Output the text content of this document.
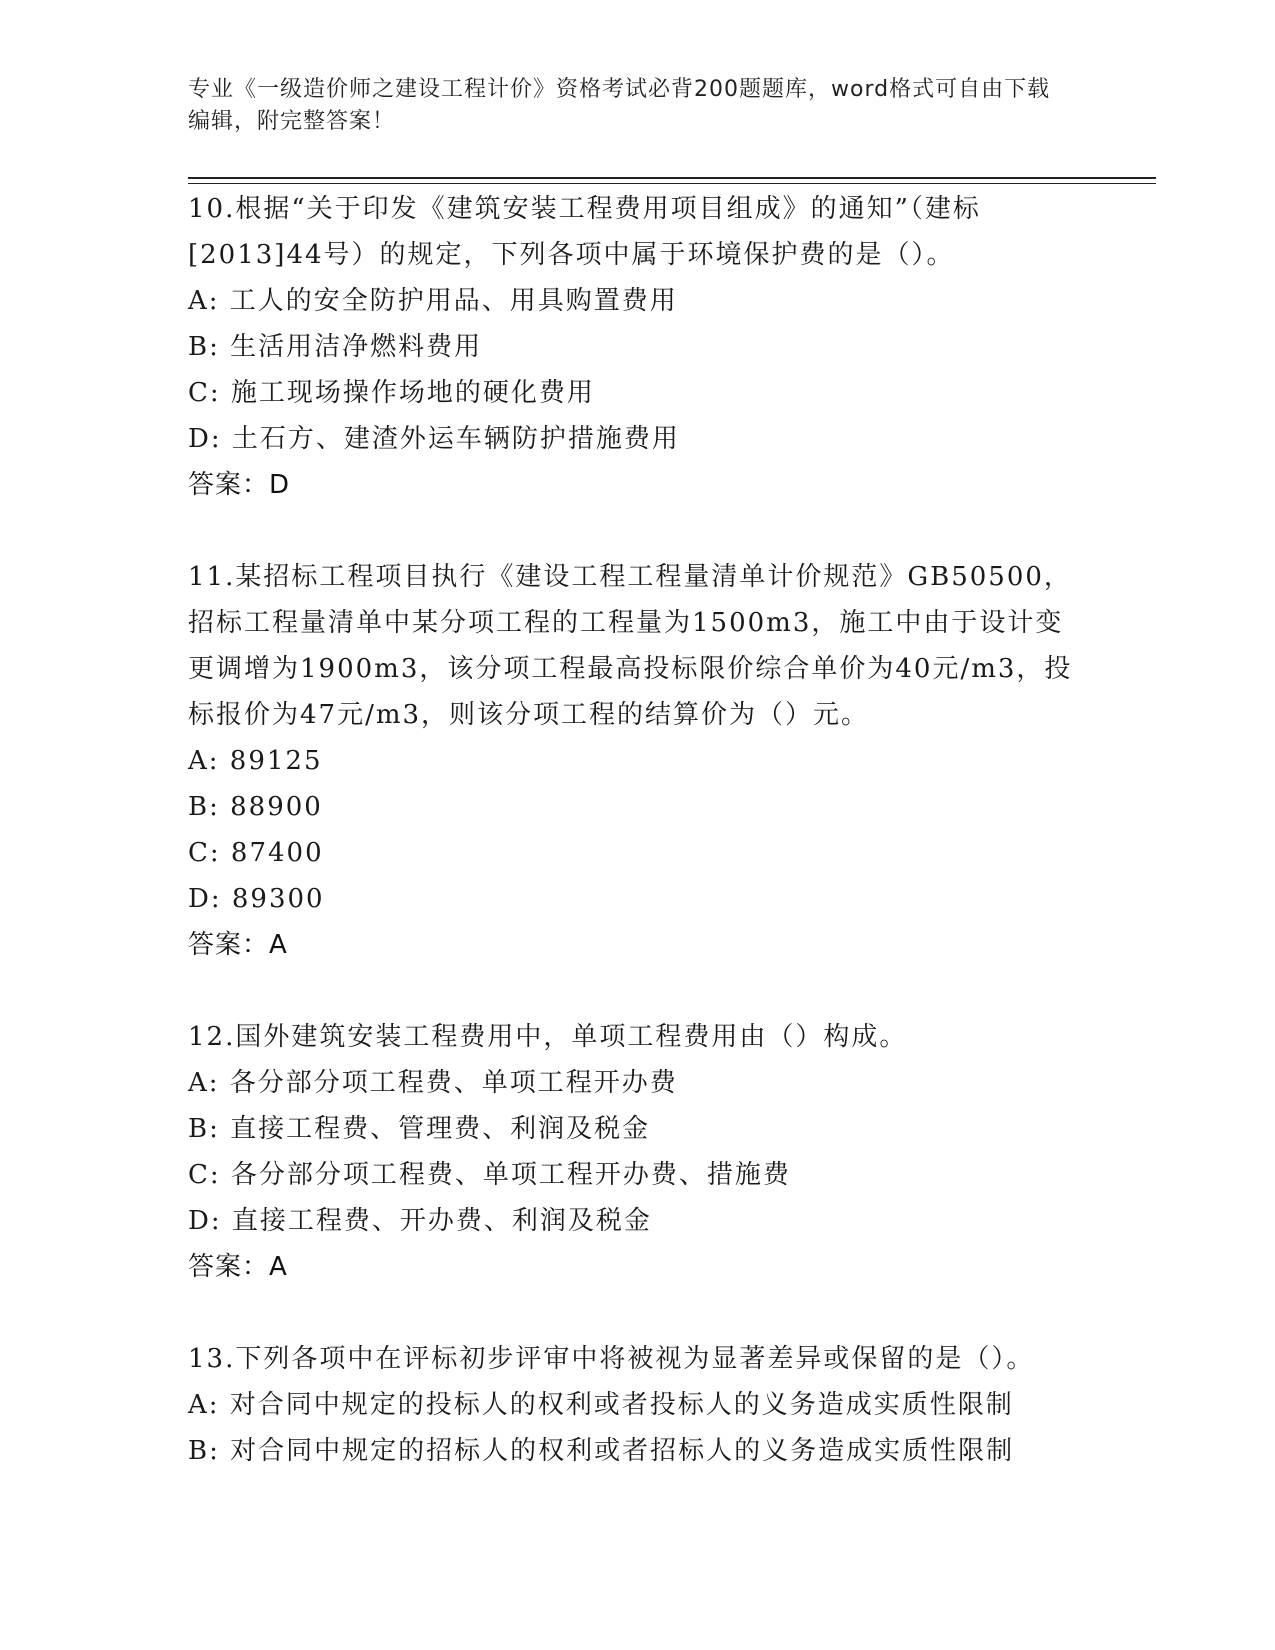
专业《一级造价师之建设工程计价》资格考试必背200题题库，word格式可自由下载编辑，附完整答案！

10.根据“关于印发《建筑安装工程费用项目组成》的通知”（建标
[2013]44号）的规定，下列各项中属于环境保护费的是（）。

A: 工人的安全防护用品、用具购置费用

B: 生活用洁净燃料费用

C: 施工现场操作场地的硬化费用

D: 土石方、建渣外运车辆防护措施费用

答案：D

11.某招标工程项目执行《建设工程工程量清单计价规范》GB50500，
招标工程量清单中某分项工程的工程量为1500m3，施工中由于设计变
更调增为1900m3，该分项工程最高投标限价综合单价为40元/m3，投
标报价为47元/m3，则该分项工程的结算价为（）元。

A: 89125

B: 88900

C: 87400

D: 89300

答案：A

12.国外建筑安装工程费用中，单项工程费用由（）构成。

A: 各分部分项工程费、单项工程开办费

B: 直接工程费、管理费、利润及税金

C: 各分部分项工程费、单项工程开办费、措施费

D: 直接工程费、开办费、利润及税金

答案：A

13.下列各项中在评标初步评审中将被视为显著差异或保留的是（）。

A: 对合同中规定的投标人的权利或者投标人的义务造成实质性限制

B: 对合同中规定的招标人的权利或者招标人的义务造成实质性限制
